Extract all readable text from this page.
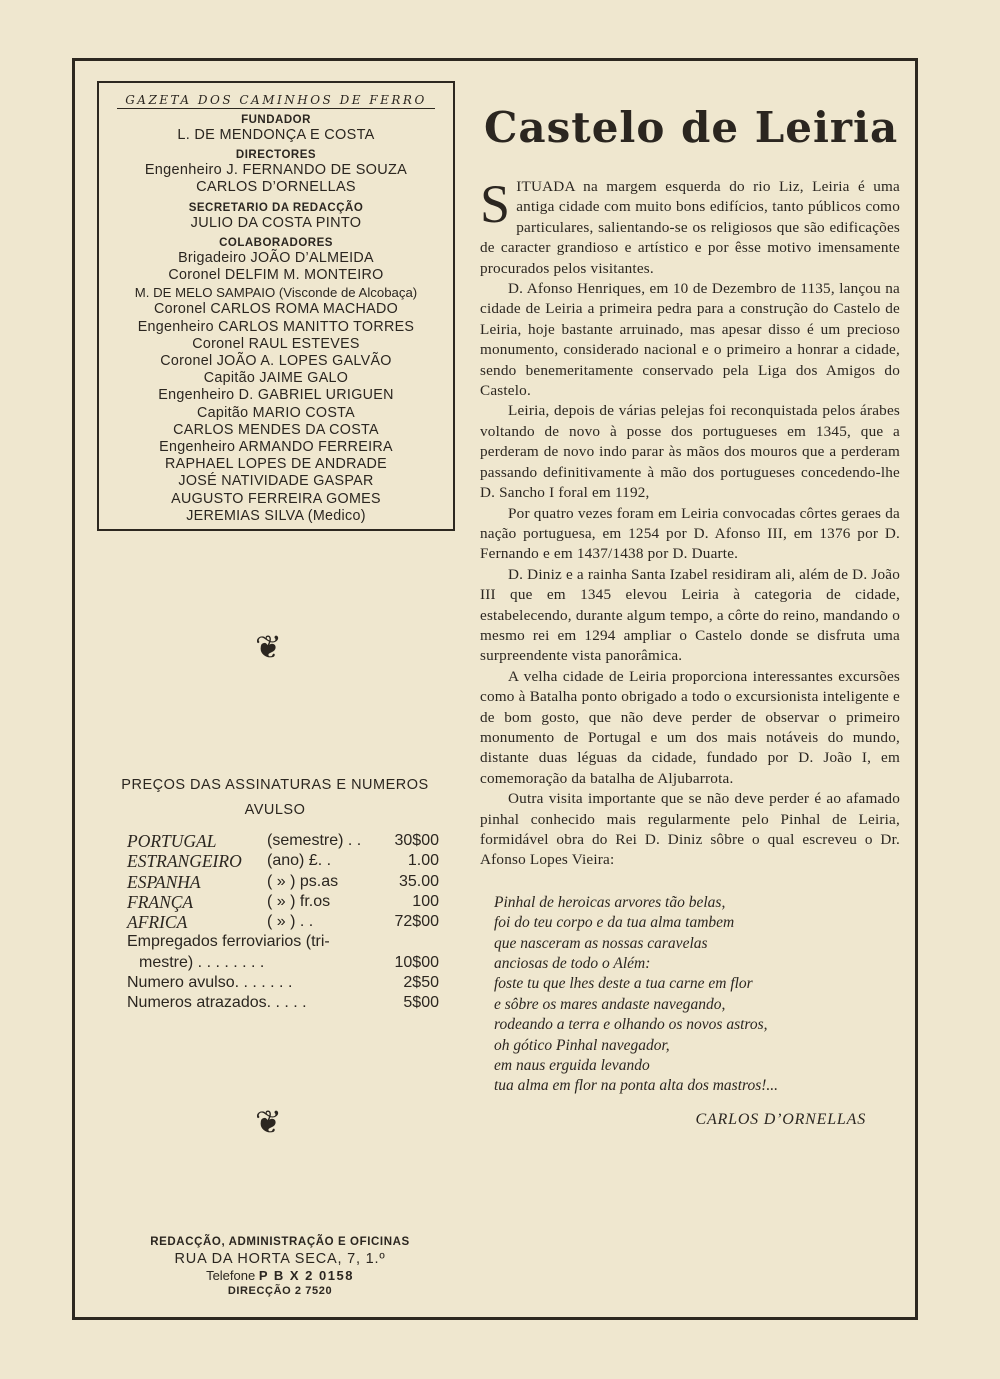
GAZETA DOS CAMINHOS DE FERRO
FUNDADOR
L. DE MENDONÇA E COSTA
DIRECTORES
Engenheiro J. FERNANDO DE SOUZA
CARLOS D’ORNELLAS
SECRETARIO DA REDACÇÃO
JULIO DA COSTA PINTO
COLABORADORES
Brigadeiro JOÃO D’ALMEIDA
Coronel DELFIM M. MONTEIRO
M. DE MELO SAMPAIO (Visconde de Alcobaça)
Coronel CARLOS ROMA MACHADO
Engenheiro CARLOS MANITTO TORRES
Coronel RAUL ESTEVES
Coronel JOÃO A. LOPES GALVÃO
Capitão JAIME GALO
Engenheiro D. GABRIEL URIGUEN
Capitão MARIO COSTA
CARLOS MENDES DA COSTA
Engenheiro ARMANDO FERREIRA
RAPHAEL LOPES DE ANDRADE
JOSÉ NATIVIDADE GASPAR
AUGUSTO FERREIRA GOMES
JEREMIAS SILVA (Medico)
❦
PREÇOS DAS ASSINATURAS E NUMEROS
AVULSO
PORTUGAL	(semestre) . .	30$00
ESTRANGEIRO	(ano) £. .	1.00
ESPANHA	( » ) ps.as	35.00
FRANÇA	( » ) fr.os	100
AFRICA	( » ) . .	72$00
Empregados ferroviarios (tri-		
mestre) . . . . . . . .		10$00
Numero avulso. . . . . . .		2$50
Numeros atrazados. . . . .		5$00
❦
REDACÇÃO, ADMINISTRAÇÃO E OFICINAS
RUA DA HORTA SECA, 7, 1.º
Telefone P B X 2 0158
DIRECÇÃO 2 7520
Castelo de Leiria

SITUADA na margem esquerda do rio Liz, Leiria é uma antiga cidade com muito bons edifícios, tanto públicos como particulares, salientando-se os religiosos que são edificações de caracter grandioso e artístico e por êsse motivo imensamente procurados pelos visitantes.

D. Afonso Henriques, em 10 de Dezembro de 1135, lançou na cidade de Leiria a primeira pedra para a construção do Castelo de Leiria, hoje bastante arruinado, mas apesar disso é um precioso monumento, considerado nacional e o primeiro a honrar a cidade, sendo benemeritamente conservado pela Liga dos Amigos do Castelo.

Leiria, depois de várias pelejas foi reconquistada pelos árabes voltando de novo à posse dos portugueses em 1345, que a perderam de novo indo parar às mãos dos mouros que a perderam passando definitivamente à mão dos portugueses concedendo-lhe D. Sancho I foral em 1192,

Por quatro vezes foram em Leiria convocadas côrtes geraes da nação portuguesa, em 1254 por D. Afonso III, em 1376 por D. Fernando e em 1437/1438 por D. Duarte.

D. Diniz e a rainha Santa Izabel residiram ali, além de D. João III que em 1345 elevou Leiria à categoria de cidade, estabelecendo, durante algum tempo, a côrte do reino, mandando o mesmo rei em 1294 ampliar o Castelo donde se disfruta uma surpreendente vista panorâmica.

A velha cidade de Leiria proporciona interessantes excursões como à Batalha ponto obrigado a todo o excursionista inteligente e de bom gosto, que não deve perder de observar o primeiro monumento de Portugal e um dos mais notáveis do mundo, distante duas léguas da cidade, fundado por D. João I, em comemoração da batalha de Aljubarrota.

Outra visita importante que se não deve perder é ao afamado pinhal conhecido mais regularmente pelo Pinhal de Leiria, formidável obra do Rei D. Diniz sôbre o qual escreveu o Dr. Afonso Lopes Vieira:

Pinhal de heroicas arvores tão belas,
foi do teu corpo e da tua alma tambem
que nasceram as nossas caravelas
anciosas de todo o Além:
foste tu que lhes deste a tua carne em flor
e sôbre os mares andaste navegando,
rodeando a terra e olhando os novos astros,
oh gótico Pinhal navegador,
em naus erguida levando
tua alma em flor na ponta alta dos mastros!...
CARLOS D’ORNELLAS
